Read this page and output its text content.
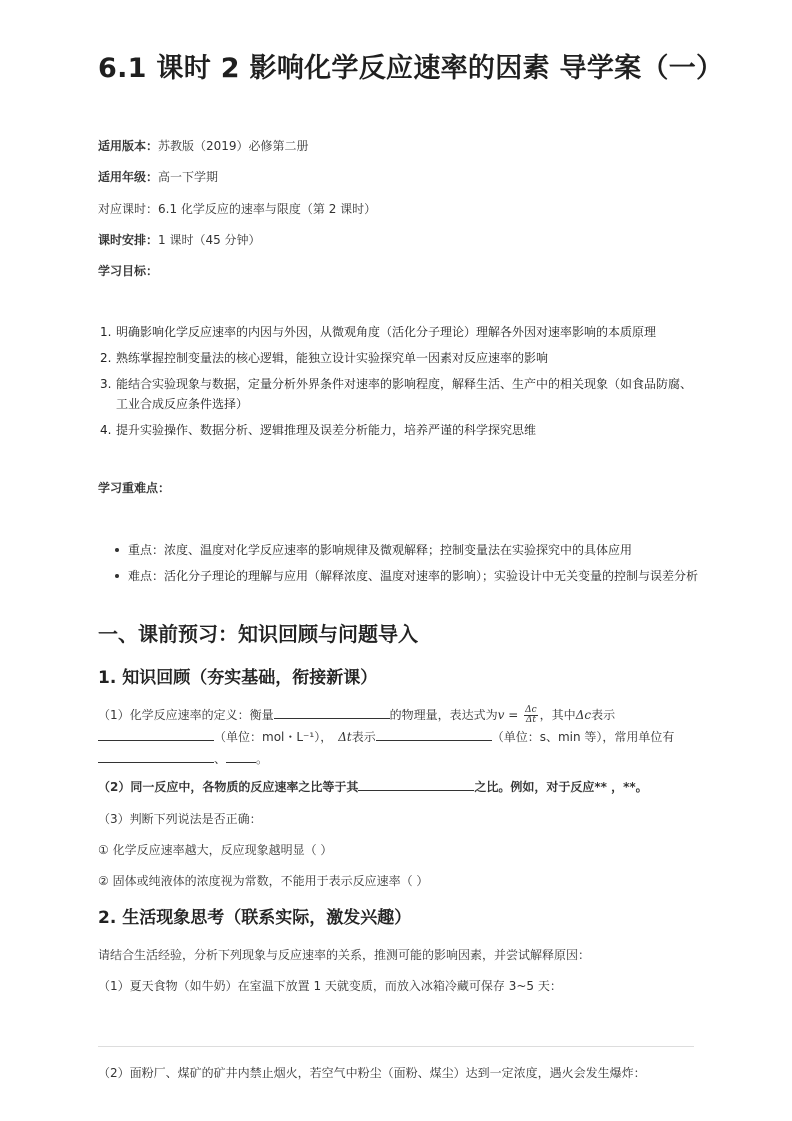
6.1 课时 2 影响化学反应速率的因素 导学案（一）
适用版本：苏教版（2019）必修第二册
适用年级：高一下学期
对应课时：6.1 化学反应的速率与限度（第 2 课时）
课时安排：1 课时（45 分钟）
学习目标：
1. 明确影响化学反应速率的内因与外因，从微观角度（活化分子理论）理解各外因对速率影响的本质原理
2. 熟练掌握控制变量法的核心逻辑，能独立设计实验探究单一因素对反应速率的影响
3. 能结合实验现象与数据，定量分析外界条件对速率的影响程度，解释生活、生产中的相关现象（如食品防腐、工业合成反应条件选择）
4. 提升实验操作、数据分析、逻辑推理及误差分析能力，培养严谨的科学探究思维
学习重难点：
重点：浓度、温度对化学反应速率的影响规律及微观解释；控制变量法在实验探究中的具体应用
难点：活化分子理论的理解与应用（解释浓度、温度对速率的影响）；实验设计中无关变量的控制与误差分析
一、课前预习：知识回顾与问题导入
1. 知识回顾（夯实基础，衔接新课）
（1）化学反应速率的定义：衡量	的物理量，表达式为$v = \frac{\Delta c}{\Delta t}$ ，其中Δc表示
（单位：mol・L⁻¹）， Δt表示	（单位：s、min 等），常用单位有、	。
（2）同一反应中，各物质的反应速率之比等于其	之比。例如，对于反应** ，**。
（3）判断下列说法是否正确：
① 化学反应速率越大，反应现象越明显（ ）
② 固体或纯液体的浓度视为常数，不能用于表示反应速率（ ）
2. 生活现象思考（联系实际，激发兴趣）
请结合生活经验，分析下列现象与反应速率的关系，推测可能的影响因素，并尝试解释原因：
（1）夏天食物（如牛奶）在室温下放置 1 天就变质，而放入冰箱冷藏可保存 3~5 天：
（2）面粉厂、煤矿的矿井内禁止烟火，若空气中粉尘（面粉、煤尘）达到一定浓度，遇火会发生爆炸：
